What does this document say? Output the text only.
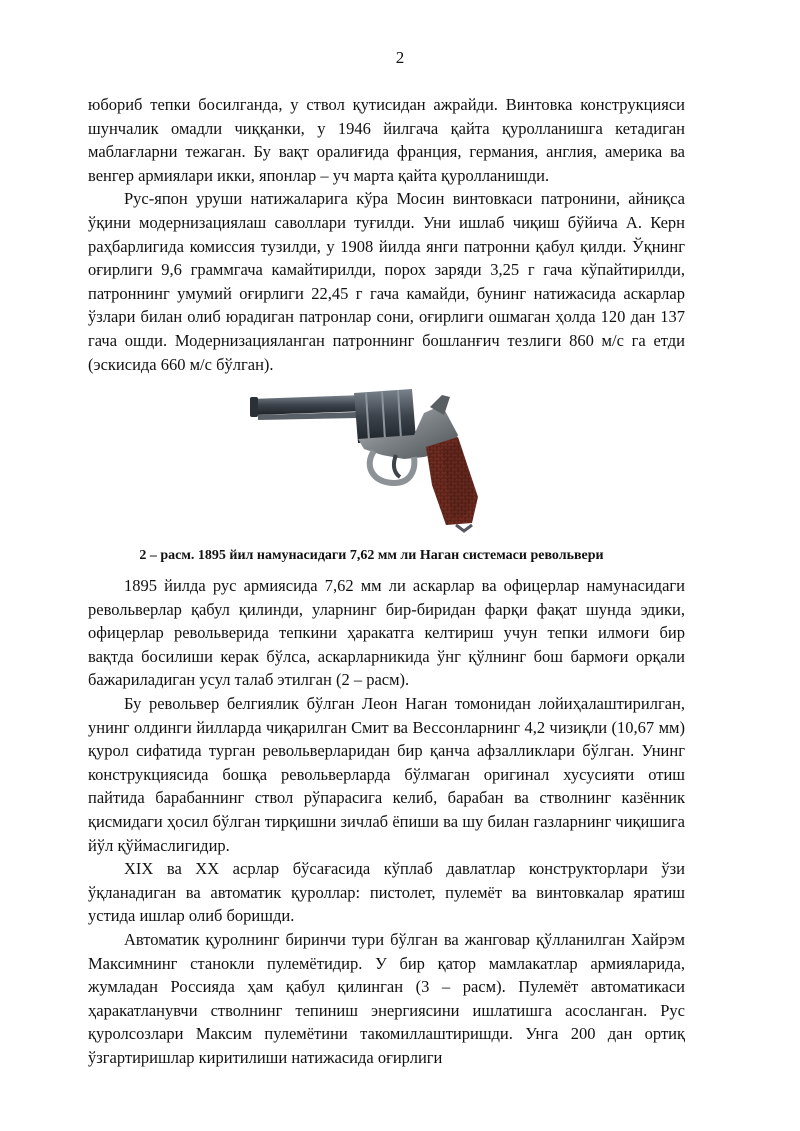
2

юбориб тепки босилганда, у ствол қутисидан ажрайди. Винтовка конструкцияси шунчалик омадли чиққанки, у 1946 йилгача қайта қуролланишга кетадиган маблағларни тежаган. Бу вақт оралиғида франция, германия, англия, америка ва венгер армиялари икки, японлар – уч марта қайта қуролланишди.

Рус-япон уруши натижаларига кўра Мосин винтовкаси патронини, айниқса ўқини модернизациялаш саволлари туғилди. Уни ишлаб чиқиш бўйича А. Керн раҳбарлигида комиссия тузилди, у 1908 йилда янги патронни қабул қилди. Ўқнинг оғирлиги 9,6 граммгача камайтирилди, порох заряди 3,25 г гача кўпайтирилди, патроннинг умумий оғирлиги 22,45 г гача камайди, бунинг натижасида аскарлар ўзлари билан олиб юрадиган патронлар сони, оғирлиги ошмаган ҳолда 120 дан 137 гача ошди. Модернизацияланган патроннинг бошланғич тезлиги 860 м/с га етди (эскисида 660 м/с бўлган).

2 – расм. 1895 йил намунасидаги 7,62 мм ли Наган системаси револьвери

1895 йилда рус армиясида 7,62 мм ли аскарлар ва офицерлар намунасидаги револьверлар қабул қилинди, уларнинг бир-биридан фарқи фақат шунда эдики, офицерлар револьверида тепкини ҳаракатга келтириш учун тепки илмоғи бир вақтда босилиши керак бўлса, аскарларникида ўнг қўлнинг бош бармоғи орқали бажариладиган усул талаб этилган (2 – расм).

Бу револьвер белгиялик бўлган Леон Наган томонидан лойиҳалаштирилган, унинг олдинги йилларда чиқарилган Смит ва Вессонларнинг 4,2 чизиқли (10,67 мм) қурол сифатида турган револьверларидан бир қанча афзалликлари бўлган. Унинг конструкциясида бошқа револьверларда бўлмаган оригинал хусусияти отиш пайтида барабаннинг ствол рўпарасига келиб, барабан ва стволнинг казённик қисмидаги ҳосил бўлган тирқишни зичлаб ёпиши ва шу билан газларнинг чиқишига йўл қўймаслигидир.

XIX ва XX асрлар бўсағасида кўплаб давлатлар конструкторлари ўзи ўқланадиган ва автоматик қуроллар: пистолет, пулемёт ва винтовкалар яратиш устида ишлар олиб боришди.

Автоматик қуролнинг биринчи тури бўлган ва жанговар қўлланилган Хайрэм Максимнинг станокли пулемётидир. У бир қатор мамлакатлар армияларида, жумладан Россияда ҳам қабул қилинган (3 – расм). Пулемёт автоматикаси ҳаракатланувчи стволнинг тепиниш энергиясини ишлатишга асосланган. Рус қуролсозлари Максим пулемётини такомиллаштиришди. Унга 200 дан ортиқ ўзгартиришлар киритилиши натижасида оғирлиги
